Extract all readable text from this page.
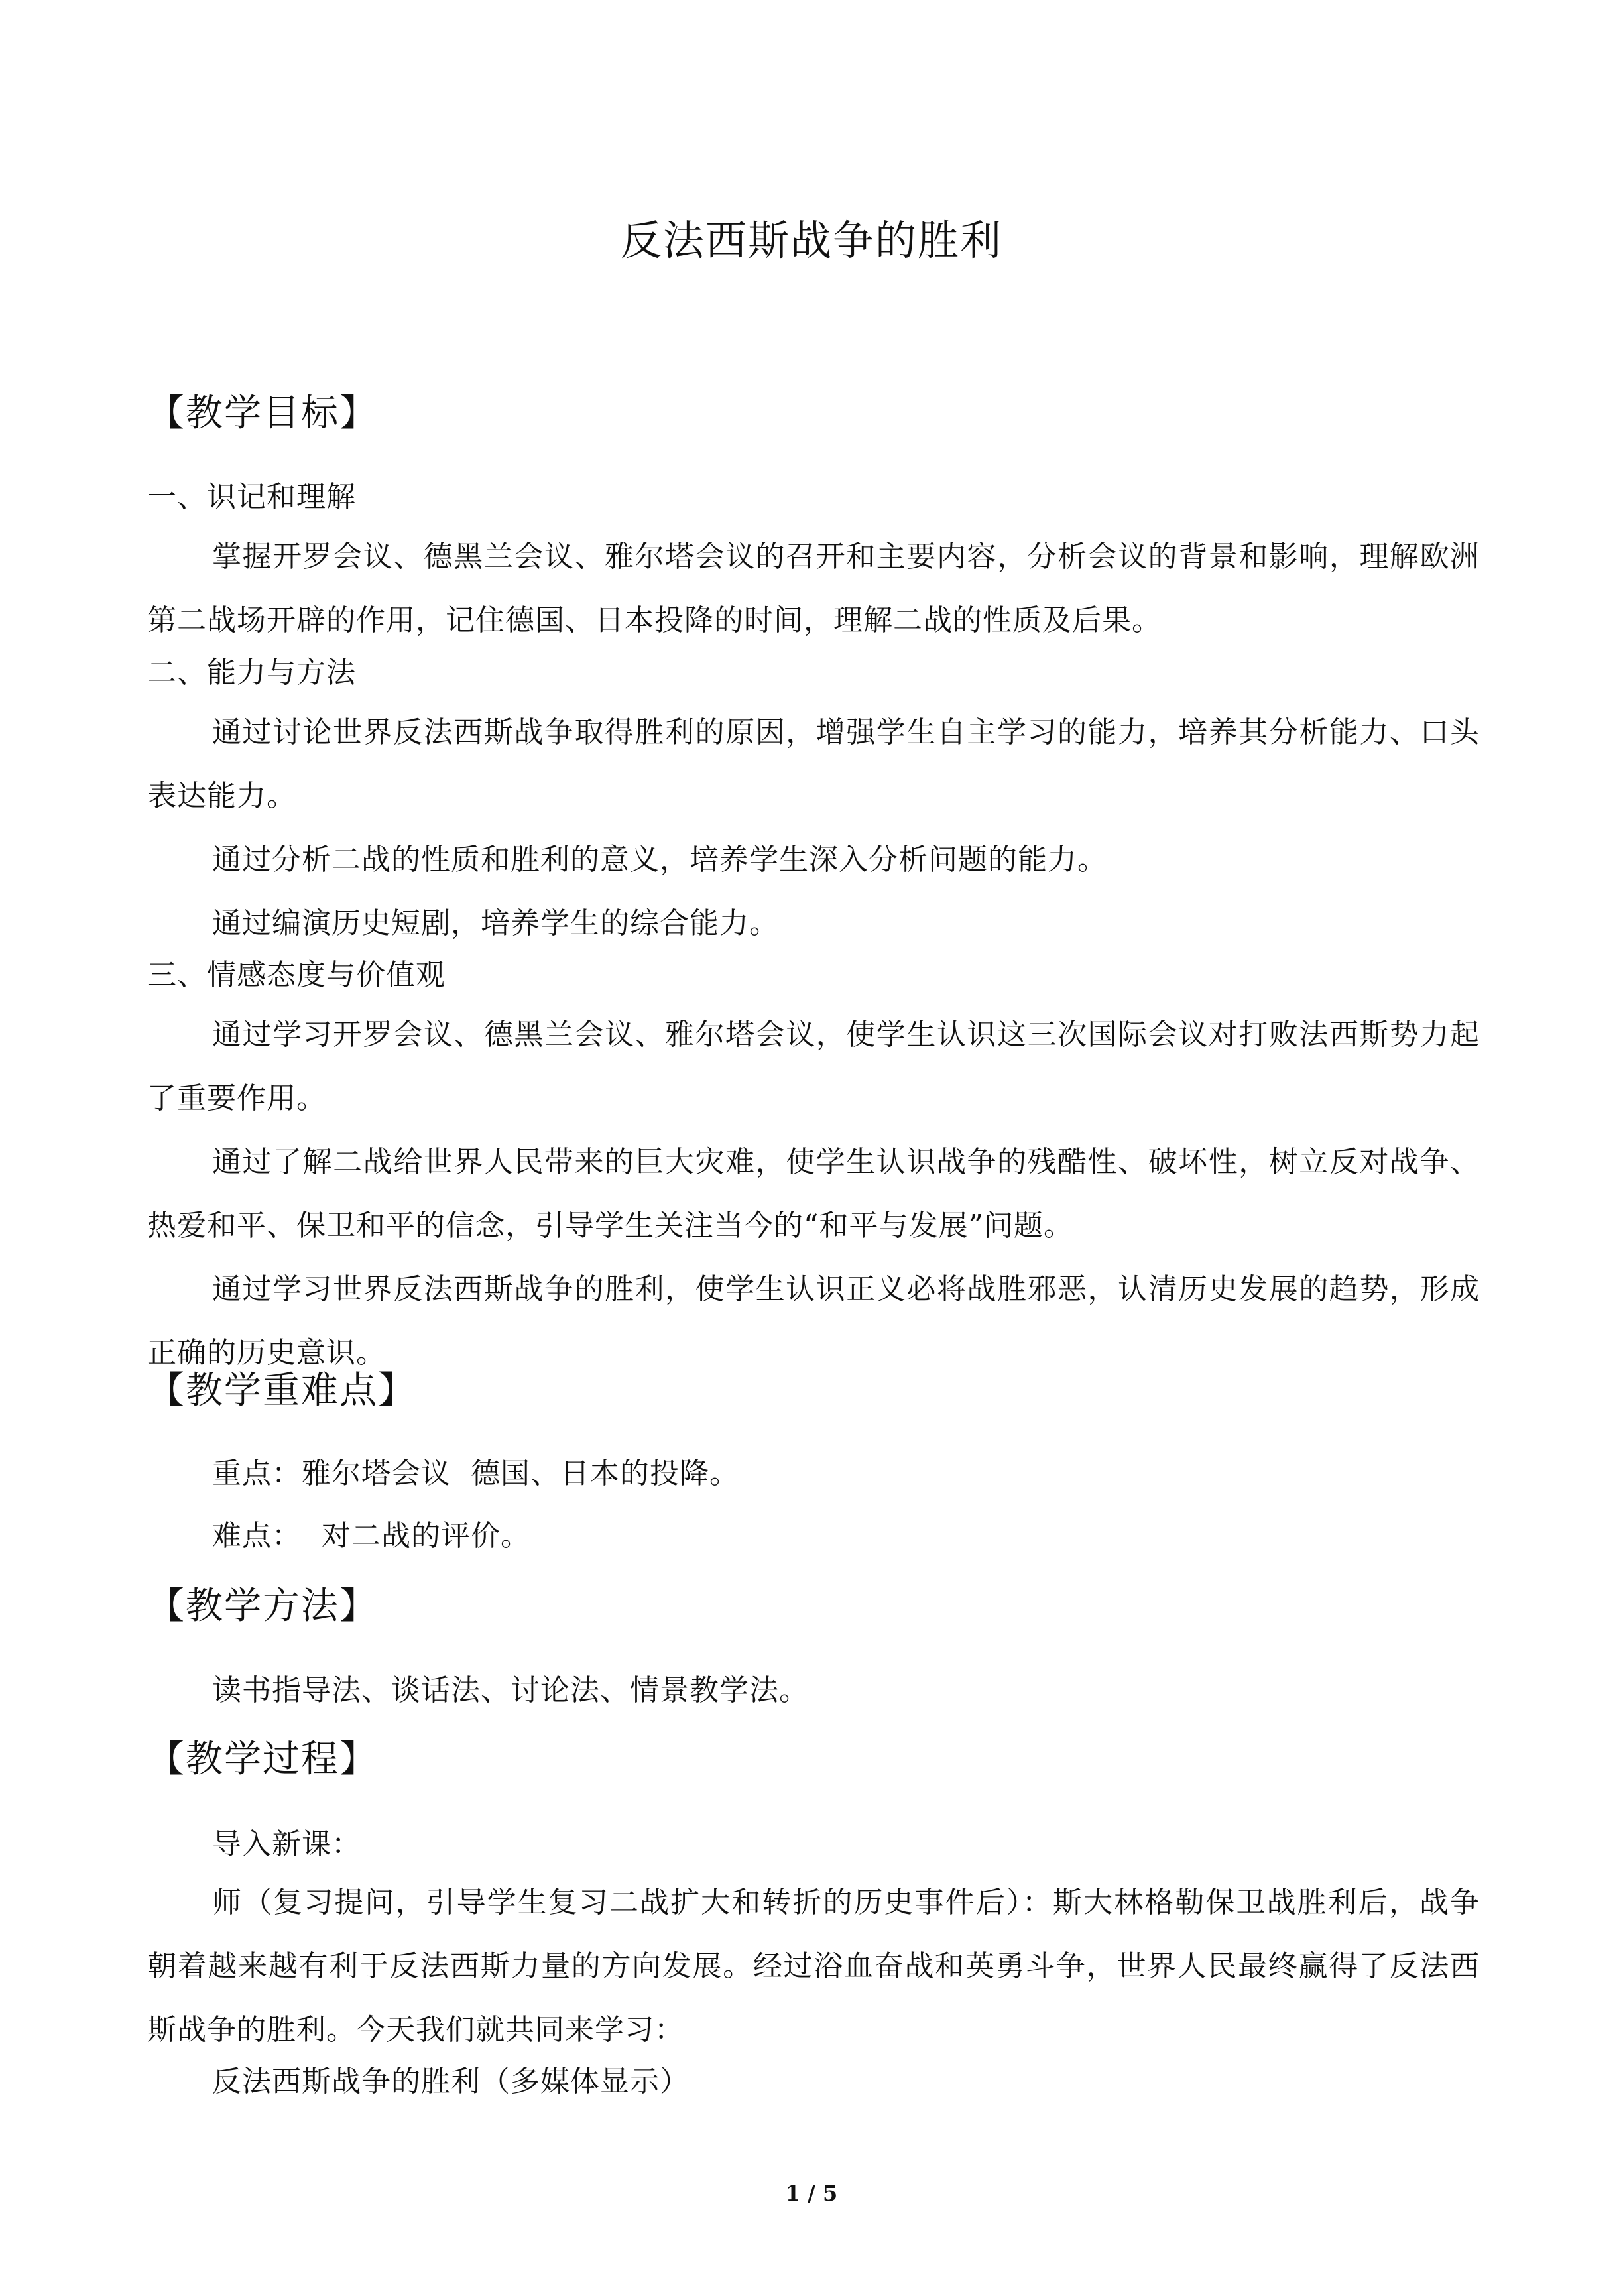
反法西斯战争的胜利
【教学目标】
一、识记和理解
掌握开罗会议、德黑兰会议、雅尔塔会议的召开和主要内容，分析会议的背景和影响，理解欧洲第二战场开辟的作用，记住德国、日本投降的时间，理解二战的性质及后果。
二、能力与方法
通过讨论世界反法西斯战争取得胜利的原因，增强学生自主学习的能力，培养其分析能力、口头表达能力。
通过分析二战的性质和胜利的意义，培养学生深入分析问题的能力。
通过编演历史短剧，培养学生的综合能力。
三、情感态度与价值观
通过学习开罗会议、德黑兰会议、雅尔塔会议，使学生认识这三次国际会议对打败法西斯势力起了重要作用。
通过了解二战给世界人民带来的巨大灾难，使学生认识战争的残酷性、破坏性，树立反对战争、热爱和平、保卫和平的信念，引导学生关注当今的“和平与发展”问题。
通过学习世界反法西斯战争的胜利，使学生认识正义必将战胜邪恶，认清历史发展的趋势，形成正确的历史意识。
【教学重难点】
重点：雅尔塔会议  德国、日本的投降。
难点：  对二战的评价。
【教学方法】
读书指导法、谈话法、讨论法、情景教学法。
【教学过程】
导入新课：
师（复习提问，引导学生复习二战扩大和转折的历史事件后）：斯大林格勒保卫战胜利后，战争朝着越来越有利于反法西斯力量的方向发展。经过浴血奋战和英勇斗争，世界人民最终赢得了反法西斯战争的胜利。今天我们就共同来学习：
反法西斯战争的胜利（多媒体显示）
1 / 5
